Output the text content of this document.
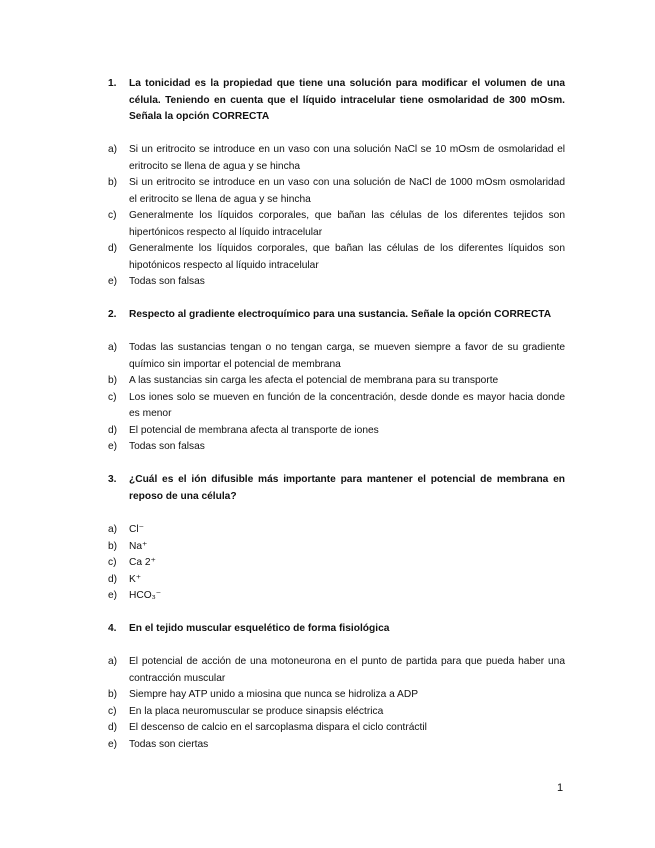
1. La tonicidad es la propiedad que tiene una solución para modificar el volumen de una célula. Teniendo en cuenta que el líquido intracelular tiene osmolaridad de 300 mOsm. Señala la opción CORRECTA
a) Si un eritrocito se introduce en un vaso con una solución NaCl se 10 mOsm de osmolaridad el eritrocito se llena de agua y se hincha
b) Si un eritrocito se introduce en un vaso con una solución de NaCl de 1000 mOsm osmolaridad el eritrocito se llena de agua y se hincha
c) Generalmente los líquidos corporales, que bañan las células de los diferentes tejidos son hipertónicos respecto al líquido intracelular
d) Generalmente los líquidos corporales, que bañan las células de los diferentes líquidos son hipotónicos respecto al líquido intracelular
e) Todas son falsas
2. Respecto al gradiente electroquímico para una sustancia. Señale la opción CORRECTA
a) Todas las sustancias tengan o no tengan carga, se mueven siempre a favor de su gradiente químico sin importar el potencial de membrana
b) A las sustancias sin carga les afecta el potencial de membrana para su transporte
c) Los iones solo se mueven en función de la concentración, desde donde es mayor hacia donde es menor
d) El potencial de membrana afecta al transporte de iones
e) Todas son falsas
3. ¿Cuál es el ión difusible más importante para mantener el potencial de membrana en reposo de una célula?
a) Cl⁻
b) Na⁺
c) Ca 2⁺
d) K⁺
e) HCO₃⁻
4. En el tejido muscular esquelético de forma fisiológica
a) El potencial de acción de una motoneurona en el punto de partida para que pueda haber una contracción muscular
b) Siempre hay ATP unido a miosina que nunca se hidroliza a ADP
c) En la placa neuromuscular se produce sinapsis eléctrica
d) El descenso de calcio en el sarcoplasma dispara el ciclo contráctil
e) Todas son ciertas
1
